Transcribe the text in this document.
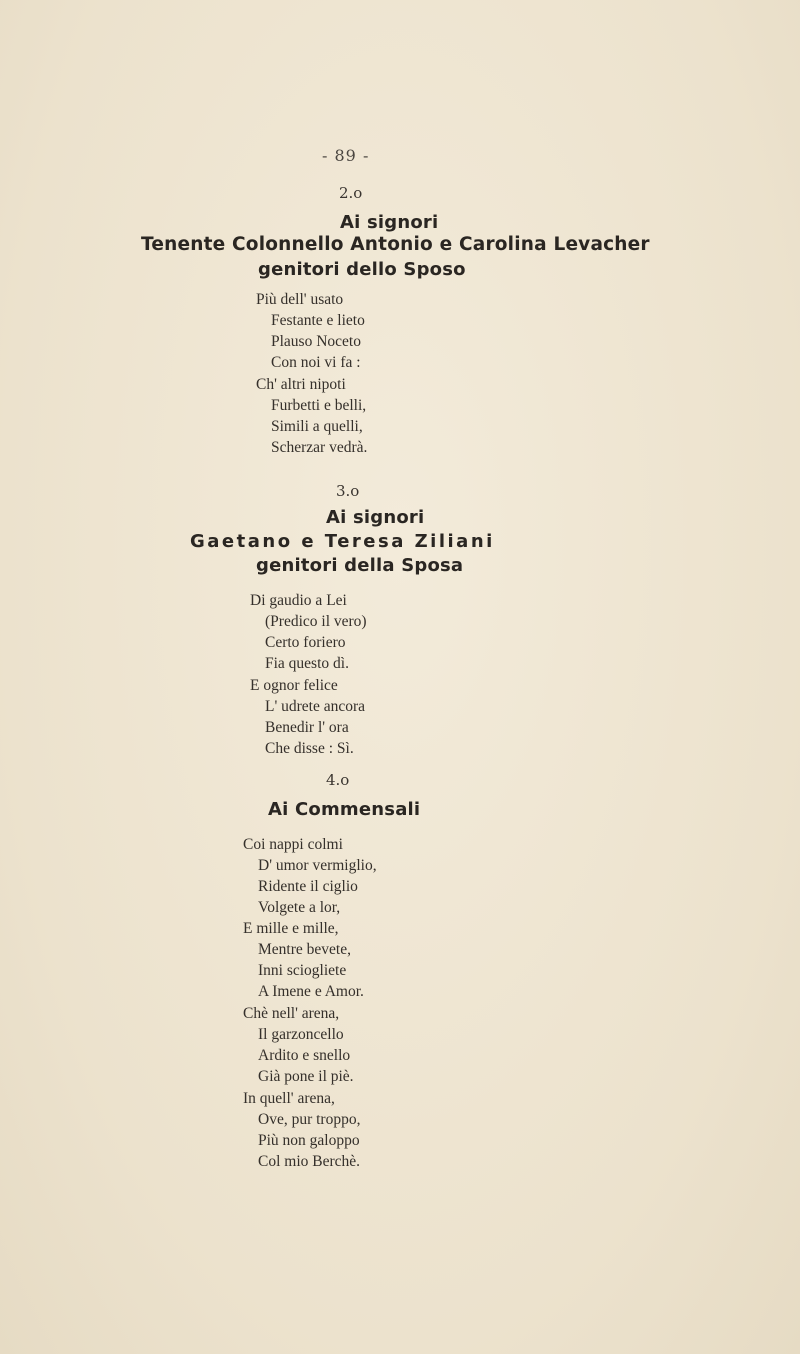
- 89 -
2.o
Ai signori
Tenente Colonnello Antonio e Carolina Levacher
genitori dello Sposo
Più dell' usato
Festante e lieto
Plauso Noceto
Con noi vi fa :
Ch' altri nipoti
Furbetti e belli,
Simili a quelli,
Scherzar vedrà.
3.o
Ai signori
Gaetano e Teresa Ziliani
genitori della Sposa
Di gaudio a Lei
(Predico il vero)
Certo foriero
Fia questo dì.
E ognor felice
L' udrete ancora
Benedir l' ora
Che disse : Sì.
4.o
Ai Commensali
Coi nappi colmi
D' umor vermiglio,
Ridente il ciglio
Volgete a lor,
E mille e mille,
Mentre bevete,
Inni sciogliete
A Imene e Amor.
Chè nell' arena,
Il garzoncello
Ardito e snello
Già pone il piè.
In quell' arena,
Ove, pur troppo,
Più non galoppo
Col mio Berchè.
